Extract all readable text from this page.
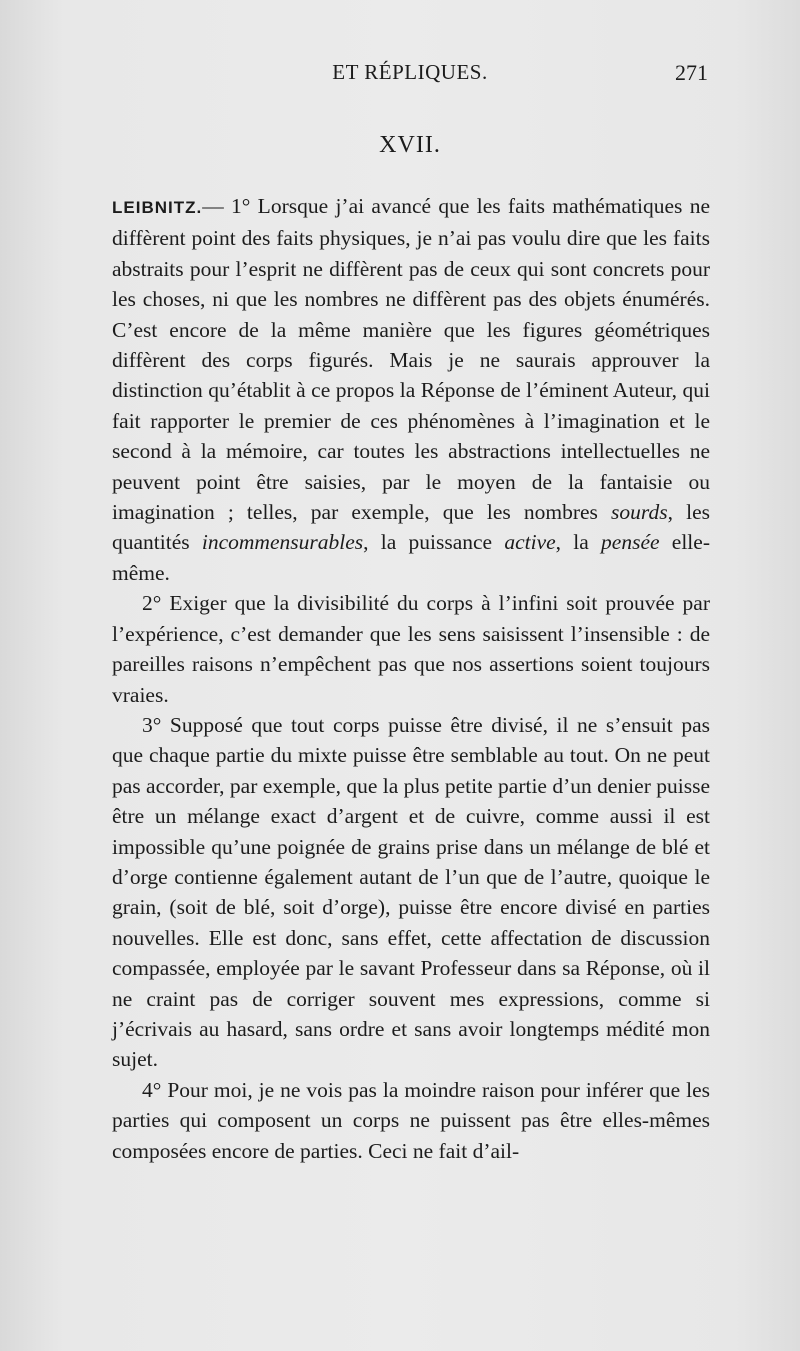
ET RÉPLIQUES.	271
XVII.

LEIBNITZ.— 1° Lorsque j’ai avancé que les faits mathématiques ne diffèrent point des faits physiques, je n’ai pas voulu dire que les faits abstraits pour l’esprit ne diffèrent pas de ceux qui sont concrets pour les choses, ni que les nombres ne diffèrent pas des objets énumérés. C’est encore de la même manière que les figures géométriques diffèrent des corps figurés. Mais je ne saurais approuver la distinction qu’établit à ce propos la Réponse de l’éminent Auteur, qui fait rapporter le premier de ces phénomènes à l’imagination et le second à la mémoire, car toutes les abstractions intellectuelles ne peuvent point être saisies, par le moyen de la fantaisie ou imagination ; telles, par exemple, que les nombres sourds, les quantités incommensurables, la puissance active, la pensée elle-même.

2° Exiger que la divisibilité du corps à l’infini soit prouvée par l’expérience, c’est demander que les sens saisissent l’insensible : de pareilles raisons n’empêchent pas que nos assertions soient toujours vraies.

3° Supposé que tout corps puisse être divisé, il ne s’ensuit pas que chaque partie du mixte puisse être semblable au tout. On ne peut pas accorder, par exemple, que la plus petite partie d’un denier puisse être un mélange exact d’argent et de cuivre, comme aussi il est impossible qu’une poignée de grains prise dans un mélange de blé et d’orge contienne également autant de l’un que de l’autre, quoique le grain, (soit de blé, soit d’orge), puisse être encore divisé en parties nouvelles. Elle est donc, sans effet, cette affectation de discussion compassée, employée par le savant Professeur dans sa Réponse, où il ne craint pas de corriger souvent mes expressions, comme si j’écrivais au hasard, sans ordre et sans avoir longtemps médité mon sujet.

4° Pour moi, je ne vois pas la moindre raison pour inférer que les parties qui composent un corps ne puissent pas être elles-mêmes composées encore de parties. Ceci ne fait d’ail-
